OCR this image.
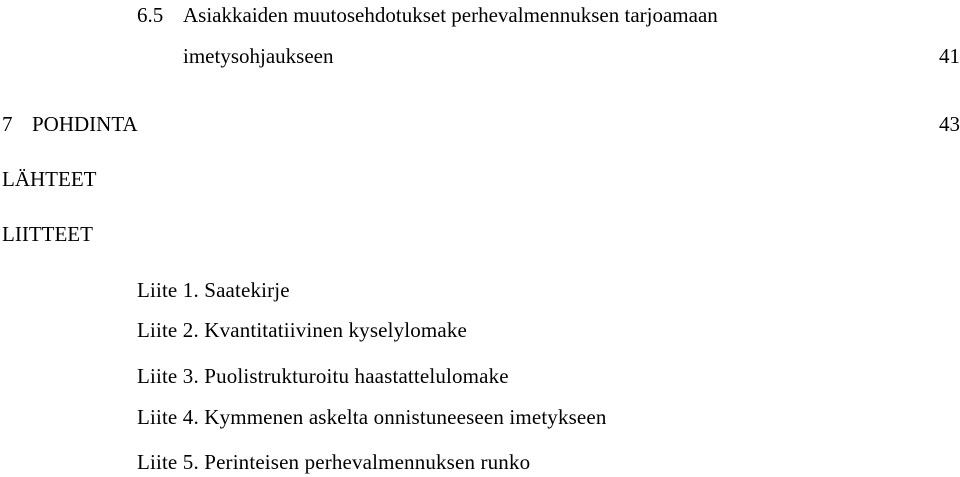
6.5 Asiakkaiden muutosehdotukset perhevalmennuksen tarjoamaan
imetysohjaukseen	41
7 POHDINTA	43
LÄHTEET
LIITTEET
Liite 1. Saatekirje
Liite 2. Kvantitatiivinen kyselylomake
Liite 3. Puolistrukturoitu haastattelulomake
Liite 4. Kymmenen askelta onnistuneeseen imetykseen
Liite 5. Perinteisen perhevalmennuksen runko
